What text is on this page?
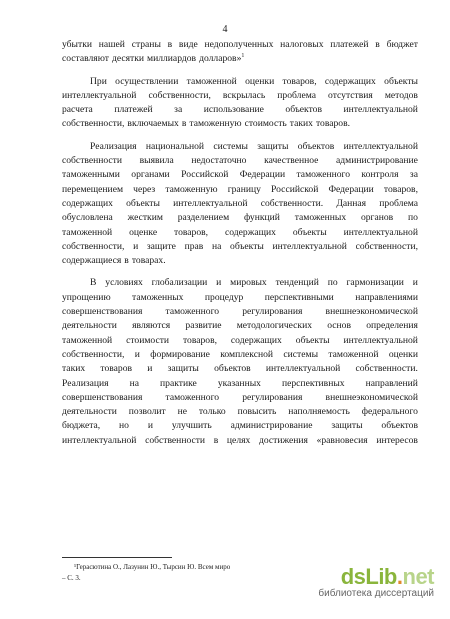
4
убытки нашей страны в виде недополученных налоговых платежей в бюджет
составляют десятки миллиардов долларов»$^1$
При осуществлении таможенной оценки товаров, содержащих объекты
интеллектуальной собственности, вскрылась проблема отсутствия методов
расчета платежей за использование объектов интеллектуальной
собственности, включаемых в таможенную стоимость таких товаров.
Реализация национальной системы защиты объектов интеллектуальной
собственности выявила недостаточно качественное администрирование
таможенными органами Российской Федерации таможенного контроля за
перемещением через таможенную границу Российской Федерации товаров,
содержащих объекты интеллектуальной собственности. Данная проблема
обусловлена жестким разделением функций таможенных органов по
таможенной оценке товаров, содержащих объекты интеллектуальной
собственности, и защите прав на объекты интеллектуальной собственности,
содержащиеся в товарах.
В условиях глобализации и мировых тенденций по гармонизации и
упрощению таможенных процедур перспективными направлениями
совершенствования таможенного регулирования внешнеэкономической
деятельности являются развитие методологических основ определения
таможенной стоимости товаров, содержащих объекты интеллектуальной
собственности, и формирование комплексной системы таможенной оценки
таких товаров и защиты объектов интеллектуальной собственности.
Реализация на практике указанных перспективных направлений
совершенствования таможенного регулирования внешнеэкономической
деятельности позволит не только повысить наполняемость федерального
бюджета, но и улучшить администрирование защиты объектов
интеллектуальной собственности в целях достижения «равновесия интересов
¹Герасютина О., Лазунин Ю., Тырсин Ю. Всем миро
– С. 3.	dsLib.net
библиотека диссертаций
